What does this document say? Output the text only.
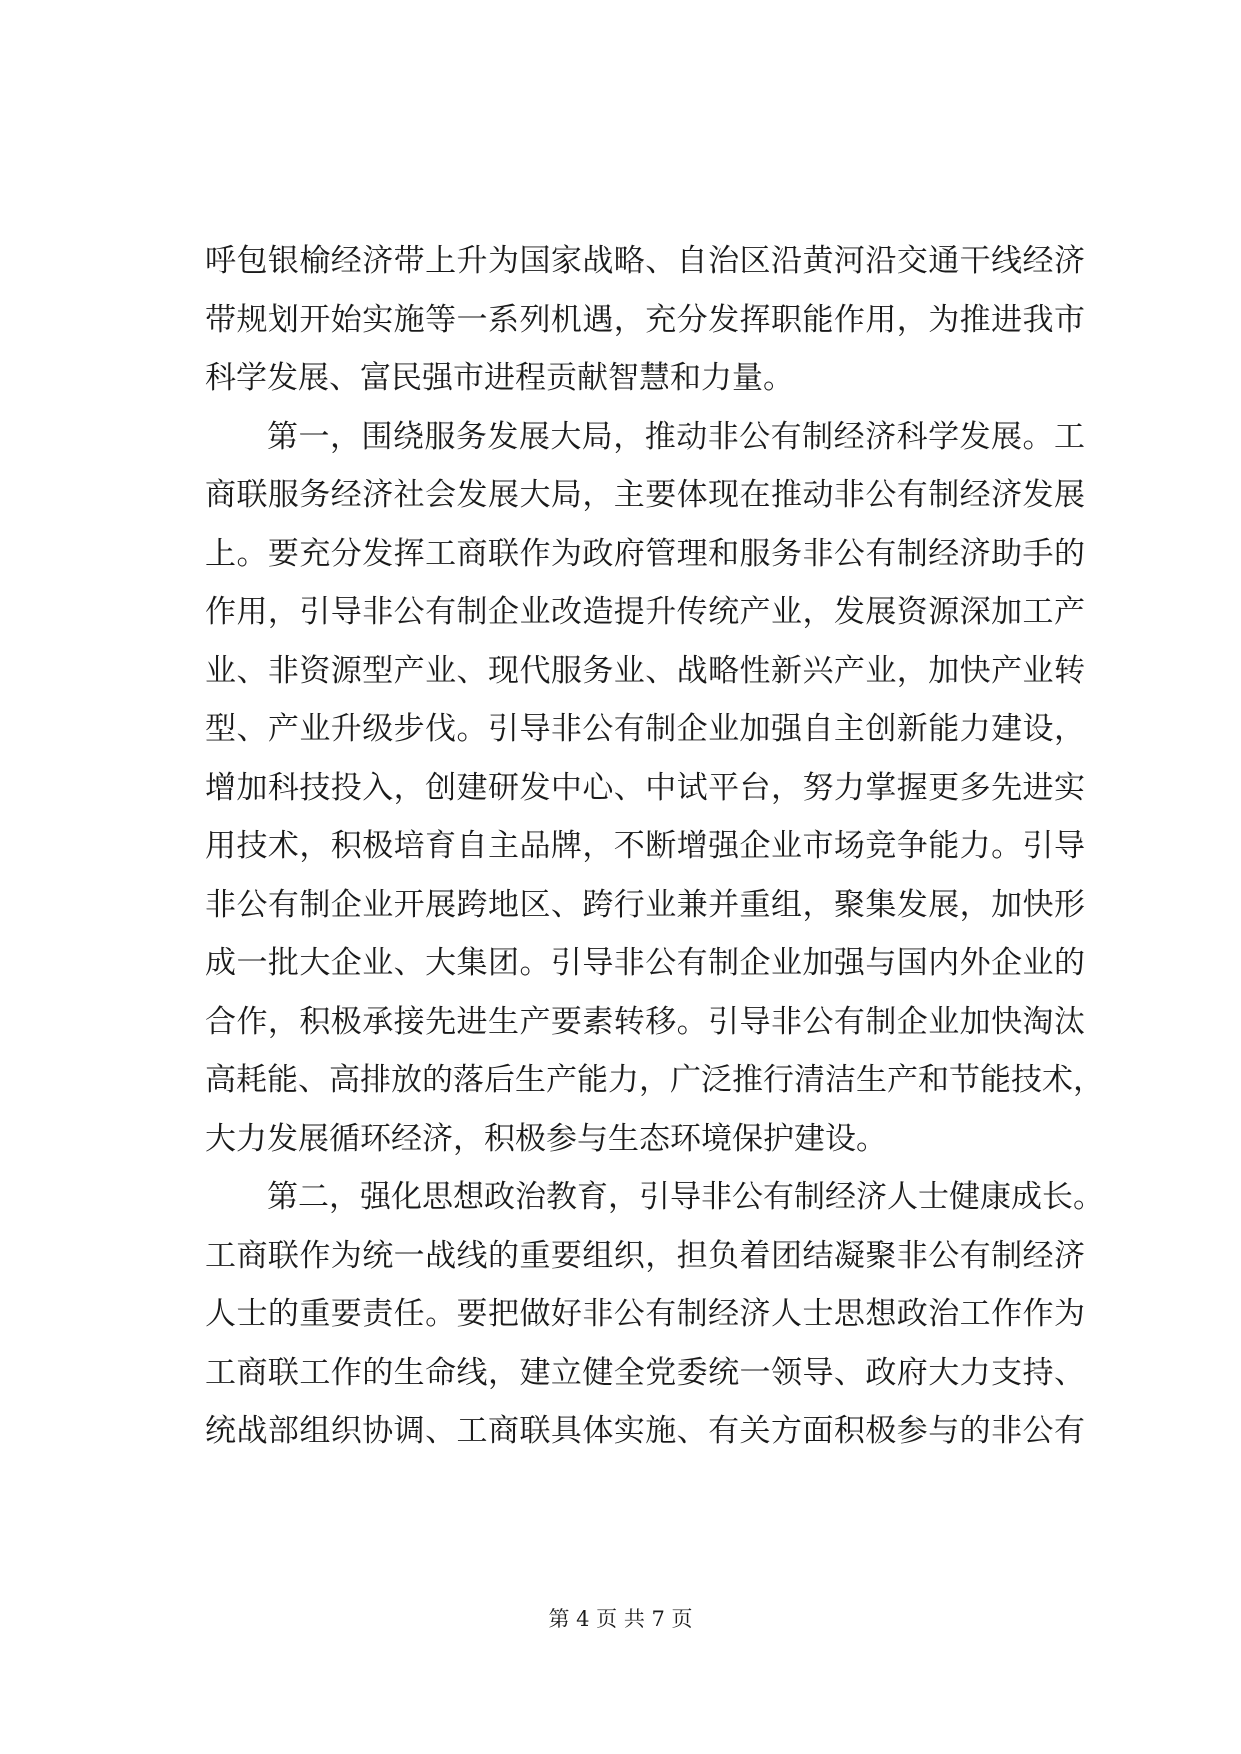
呼包银榆经济带上升为国家战略、自治区沿黄河沿交通干线经济
带规划开始实施等一系列机遇，充分发挥职能作用，为推进我市
科学发展、富民强市进程贡献智慧和力量。
第一，围绕服务发展大局，推动非公有制经济科学发展。工
商联服务经济社会发展大局，主要体现在推动非公有制经济发展
上。要充分发挥工商联作为政府管理和服务非公有制经济助手的
作用，引导非公有制企业改造提升传统产业，发展资源深加工产
业、非资源型产业、现代服务业、战略性新兴产业，加快产业转
型、产业升级步伐。引导非公有制企业加强自主创新能力建设，
增加科技投入，创建研发中心、中试平台，努力掌握更多先进实
用技术，积极培育自主品牌，不断增强企业市场竞争能力。引导
非公有制企业开展跨地区、跨行业兼并重组，聚集发展，加快形
成一批大企业、大集团。引导非公有制企业加强与国内外企业的
合作，积极承接先进生产要素转移。引导非公有制企业加快淘汰
高耗能、高排放的落后生产能力，广泛推行清洁生产和节能技术，
大力发展循环经济，积极参与生态环境保护建设。
第二，强化思想政治教育，引导非公有制经济人士健康成长。
工商联作为统一战线的重要组织，担负着团结凝聚非公有制经济
人士的重要责任。要把做好非公有制经济人士思想政治工作作为
工商联工作的生命线，建立健全党委统一领导、政府大力支持、
统战部组织协调、工商联具体实施、有关方面积极参与的非公有
第 4 页 共 7 页
